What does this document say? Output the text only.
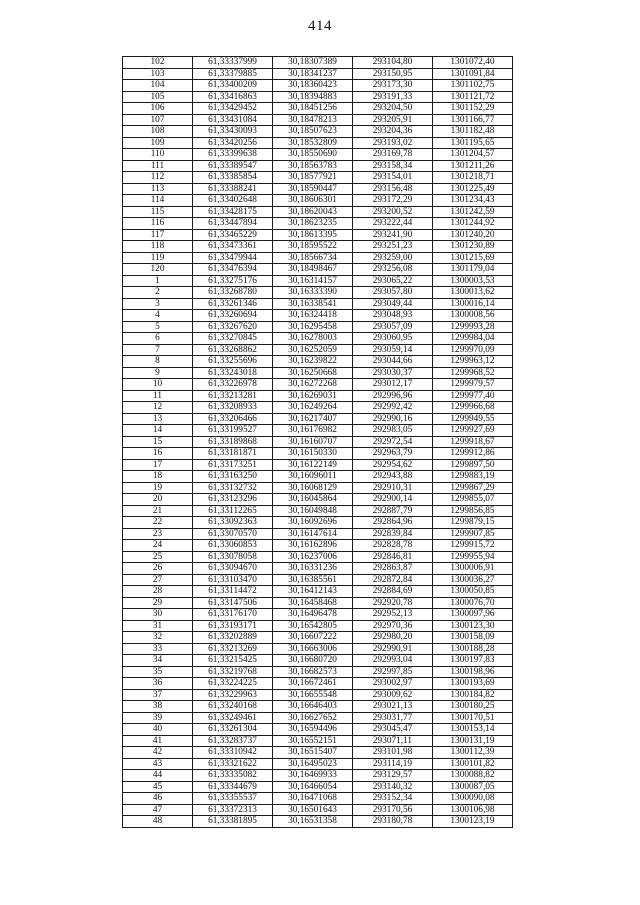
414
102	61,33337999	30,18307389	293104,80	1301072,40
103	61,33379885	30,18341237	293150,95	1301091,84
104	61,33400209	30,18360423	293173,30	1301102,75
105	61,33416863	30,18394883	293191,33	1301121,72
106	61,33429452	30,18451256	293204,50	1301152,29
107	61,33431084	30,18478213	293205,91	1301166,77
108	61,33430093	30,18507623	293204,36	1301182,48
109	61,33420256	30,18532809	293193,02	1301195,65
110	61,33399638	30,18550690	293169,78	1301204,57
111	61,33389547	30,18563783	293158,34	1301211,26
112	61,33385854	30,18577921	293154,01	1301218,71
113	61,33388241	30,18590447	293156,48	1301225,49
114	61,33402648	30,18606301	293172,29	1301234,43
115	61,33428175	30,18620043	293200,52	1301242,59
116	61,33447894	30,18623235	293222,44	1301244,92
117	61,33465229	30,18613395	293241,90	1301240,20
118	61,33473361	30,18595522	293251,23	1301230,89
119	61,33479944	30,18566734	293259,00	1301215,69
120	61,33476394	30,18498467	293256,08	1301179,04
1	61,33275176	30,16314157	293065,22	1300003,53
2	61,33268780	30,16333390	293057,80	1300013,62
3	61,33261346	30,16338541	293049,44	1300016,14
4	61,33260694	30,16324418	293048,93	1300008,56
5	61,33267620	30,16295458	293057,09	1299993,28
6	61,33270845	30,16278003	293060,95	1299984,04
7	61,33268862	30,16252059	293059,14	1299970,09
8	61,33255696	30,16239822	293044,66	1299963,12
9	61,33243018	30,16250668	293030,37	1299968,52
10	61,33226978	30,16272268	293012,17	1299979,57
11	61,33213281	30,16269031	292996,96	1299977,40
12	61,33208933	30,16249264	292992,42	1299966,68
13	61,33206466	30,16217407	292990,16	1299949,55
14	61,33199527	30,16176982	292983,05	1299927,69
15	61,33189868	30,16160707	292972,54	1299918,67
16	61,33181871	30,16150330	292963,79	1299912,86
17	61,33173251	30,16122149	292954,62	1299897,50
18	61,33163250	30,16096011	292943,88	1299883,19
19	61,33132732	30,16068129	292910,31	1299867,29
20	61,33123296	30,16045864	292900,14	1299855,07
21	61,33112265	30,16049848	292887,79	1299856,85
22	61,33092363	30,16092696	292864,96	1299879,15
23	61,33070570	30,16147614	292839,84	1299907,85
24	61,33060853	30,16162896	292828,78	1299915,72
25	61,33078058	30,16237006	292846,81	1299955,94
26	61,33094670	30,16331236	292863,87	1300006,91
27	61,33103470	30,16385561	292872,84	1300036,27
28	61,33114472	30,16412143	292884,69	1300050,85
29	61,33147506	30,16458468	292920,78	1300076,70
30	61,33176170	30,16496478	292952,13	1300097,96
31	61,33193171	30,16542805	292970,36	1300123,30
32	61,33202889	30,16607222	292980,20	1300158,09
33	61,33213269	30,16663006	292990,91	1300188,28
34	61,33215425	30,16680720	292993,04	1300197,83
35	61,33219768	30,16682573	292997,85	1300198,96
36	61,33224225	30,16672461	293002,97	1300193,69
37	61,33229963	30,16655548	293009,62	1300184,82
38	61,33240168	30,16646403	293021,13	1300180,25
39	61,33249461	30,16627652	293031,77	1300170,51
40	61,33261304	30,16594496	293045,47	1300153,14
41	61,33283737	30,16552151	293071,11	1300131,19
42	61,33310942	30,16515407	293101,98	1300112,39
43	61,33321622	30,16495023	293114,19	1300101,82
44	61,33335082	30,16469933	293129,57	1300088,82
45	61,33344679	30,16466054	293140,32	1300087,05
46	61,33355537	30,16471068	293152,34	1300090,08
47	61,33372313	30,16501643	293170,56	1300106,98
48	61,33381895	30,16531358	293180,78	1300123,19
